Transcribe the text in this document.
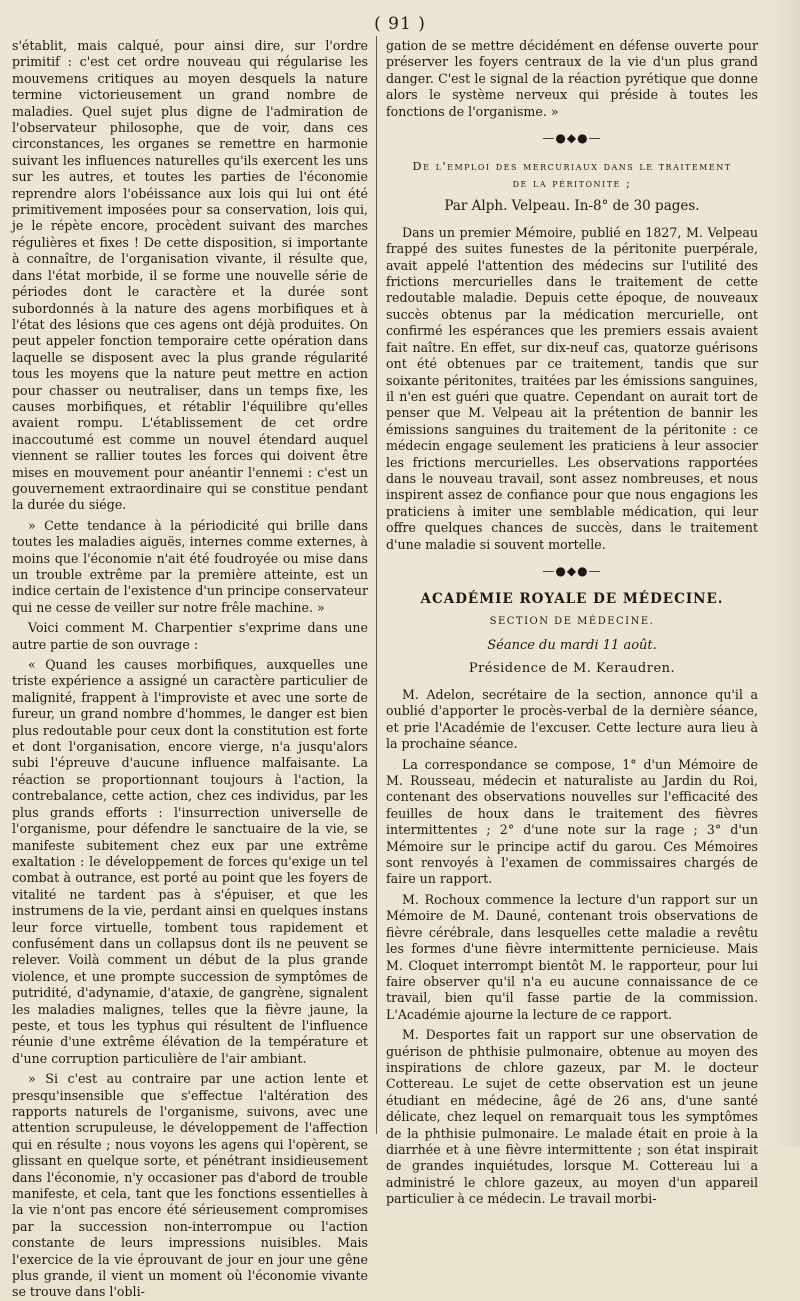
( 91 )

s'établit, mais calqué, pour ainsi dire, sur l'ordre primitif : c'est cet ordre nouveau qui régularise les mouvemens critiques au moyen desquels la nature termine victorieusement un grand nombre de maladies. Quel sujet plus digne de l'admiration de l'observateur philosophe, que de voir, dans ces circonstances, les organes se remettre en harmonie suivant les influences naturelles qu'ils exercent les uns sur les autres, et toutes les parties de l'économie reprendre alors l'obéissance aux lois qui lui ont été primitivement imposées pour sa conservation, lois qui, je le répète encore, procèdent suivant des marches régulières et fixes ! De cette disposition, si importante à connaître, de l'organisation vivante, il résulte que, dans l'état morbide, il se forme une nouvelle série de périodes dont le caractère et la durée sont subordonnés à la nature des agens morbifiques et à l'état des lésions que ces agens ont déjà produites. On peut appeler fonction temporaire cette opération dans laquelle se disposent avec la plus grande régularité tous les moyens que la nature peut mettre en action pour chasser ou neutraliser, dans un temps fixe, les causes morbifiques, et rétablir l'équilibre qu'elles avaient rompu. L'établissement de cet ordre inaccoutumé est comme un nouvel étendard auquel viennent se rallier toutes les forces qui doivent être mises en mouvement pour anéantir l'ennemi : c'est un gouvernement extraordinaire qui se constitue pendant la durée du siége.

» Cette tendance à la périodicité qui brille dans toutes les maladies aiguës, internes comme externes, à moins que l'économie n'ait été foudroyée ou mise dans un trouble extrême par la première atteinte, est un indice certain de l'existence d'un principe conservateur qui ne cesse de veiller sur notre frêle machine. »

Voici comment M. Charpentier s'exprime dans une autre partie de son ouvrage :

« Quand les causes morbifiques, auxquelles une triste expérience a assigné un caractère particulier de malignité, frappent à l'improviste et avec une sorte de fureur, un grand nombre d'hommes, le danger est bien plus redoutable pour ceux dont la constitution est forte et dont l'organisation, encore vierge, n'a jusqu'alors subi l'épreuve d'aucune influence malfaisante. La réaction se proportionnant toujours à l'action, la contrebalance, cette action, chez ces individus, par les plus grands efforts : l'insurrection universelle de l'organisme, pour défendre le sanctuaire de la vie, se manifeste subitement chez eux par une extrême exaltation : le développement de forces qu'exige un tel combat à outrance, est porté au point que les foyers de vitalité ne tardent pas à s'épuiser, et que les instrumens de la vie, perdant ainsi en quelques instans leur force virtuelle, tombent tous rapidement et confusément dans un collapsus dont ils ne peuvent se relever. Voilà comment un début de la plus grande violence, et une prompte succession de symptômes de putridité, d'adynamie, d'ataxie, de gangrène, signalent les maladies malignes, telles que la fièvre jaune, la peste, et tous les typhus qui résultent de l'influence réunie d'une extrême élévation de la température et d'une corruption particulière de l'air ambiant.

» Si c'est au contraire par une action lente et presqu'insensible que s'effectue l'altération des rapports naturels de l'organisme, suivons, avec une attention scrupuleuse, le développement de l'affection qui en résulte ; nous voyons les agens qui l'opèrent, se glissant en quelque sorte, et pénétrant insidieusement dans l'économie, n'y occasioner pas d'abord de trouble manifeste, et cela, tant que les fonctions essentielles à la vie n'ont pas encore été sérieusement compromises par la succession non-interrompue ou l'action constante de leurs impressions nuisibles. Mais l'exercice de la vie éprouvant de jour en jour une gêne plus grande, il vient un moment où l'économie vivante se trouve dans l'obli-

gation de se mettre décidément en défense ouverte pour préserver les foyers centraux de la vie d'un plus grand danger. C'est le signal de la réaction pyrétique que donne alors le système nerveux qui préside à toutes les fonctions de l'organisme. »

—●◆●—
De l'emploi des mercuriaux dans le traitement
de la péritonite ;
Par Alph. Velpeau. In-8° de 30 pages.

Dans un premier Mémoire, publié en 1827, M. Velpeau frappé des suites funestes de la péritonite puerpérale, avait appelé l'attention des médecins sur l'utilité des frictions mercurielles dans le traitement de cette redoutable maladie. Depuis cette époque, de nouveaux succès obtenus par la médication mercurielle, ont confirmé les espérances que les premiers essais avaient fait naître. En effet, sur dix-neuf cas, quatorze guérisons ont été obtenues par ce traitement, tandis que sur soixante péritonites, traitées par les émissions sanguines, il n'en est guéri que quatre. Cependant on aurait tort de penser que M. Velpeau ait la prétention de bannir les émissions sanguines du traitement de la péritonite : ce médecin engage seulement les praticiens à leur associer les frictions mercurielles. Les observations rapportées dans le nouveau travail, sont assez nombreuses, et nous inspirent assez de confiance pour que nous engagions les praticiens à imiter une semblable médication, qui leur offre quelques chances de succès, dans le traitement d'une maladie si souvent mortelle.

—●◆●—
ACADÉMIE ROYALE DE MÉDECINE.
SECTION DE MÉDECINE.
Séance du mardi 11 août.
Présidence de M. Keraudren.

M. Adelon, secrétaire de la section, annonce qu'il a oublié d'apporter le procès-verbal de la dernière séance, et prie l'Académie de l'excuser. Cette lecture aura lieu à la prochaine séance.

La correspondance se compose, 1° d'un Mémoire de M. Rousseau, médecin et naturaliste au Jardin du Roi, contenant des observations nouvelles sur l'efficacité des feuilles de houx dans le traitement des fièvres intermittentes ; 2° d'une note sur la rage ; 3° d'un Mémoire sur le principe actif du garou. Ces Mémoires sont renvoyés à l'examen de commissaires chargés de faire un rapport.

M. Rochoux commence la lecture d'un rapport sur un Mémoire de M. Dauné, contenant trois observations de fièvre cérébrale, dans lesquelles cette maladie a revêtu les formes d'une fièvre intermittente pernicieuse. Mais M. Cloquet interrompt bientôt M. le rapporteur, pour lui faire observer qu'il n'a eu aucune connaissance de ce travail, bien qu'il fasse partie de la commission. L'Académie ajourne la lecture de ce rapport.

M. Desportes fait un rapport sur une observation de guérison de phthisie pulmonaire, obtenue au moyen des inspirations de chlore gazeux, par M. le docteur Cottereau. Le sujet de cette observation est un jeune étudiant en médecine, âgé de 26 ans, d'une santé délicate, chez lequel on remarquait tous les symptômes de la phthisie pulmonaire. Le malade était en proie à la diarrhée et à une fièvre intermittente ; son état inspirait de grandes inquiétudes, lorsque M. Cottereau lui a administré le chlore gazeux, au moyen d'un appareil particulier à ce médecin. Le travail morbi-
